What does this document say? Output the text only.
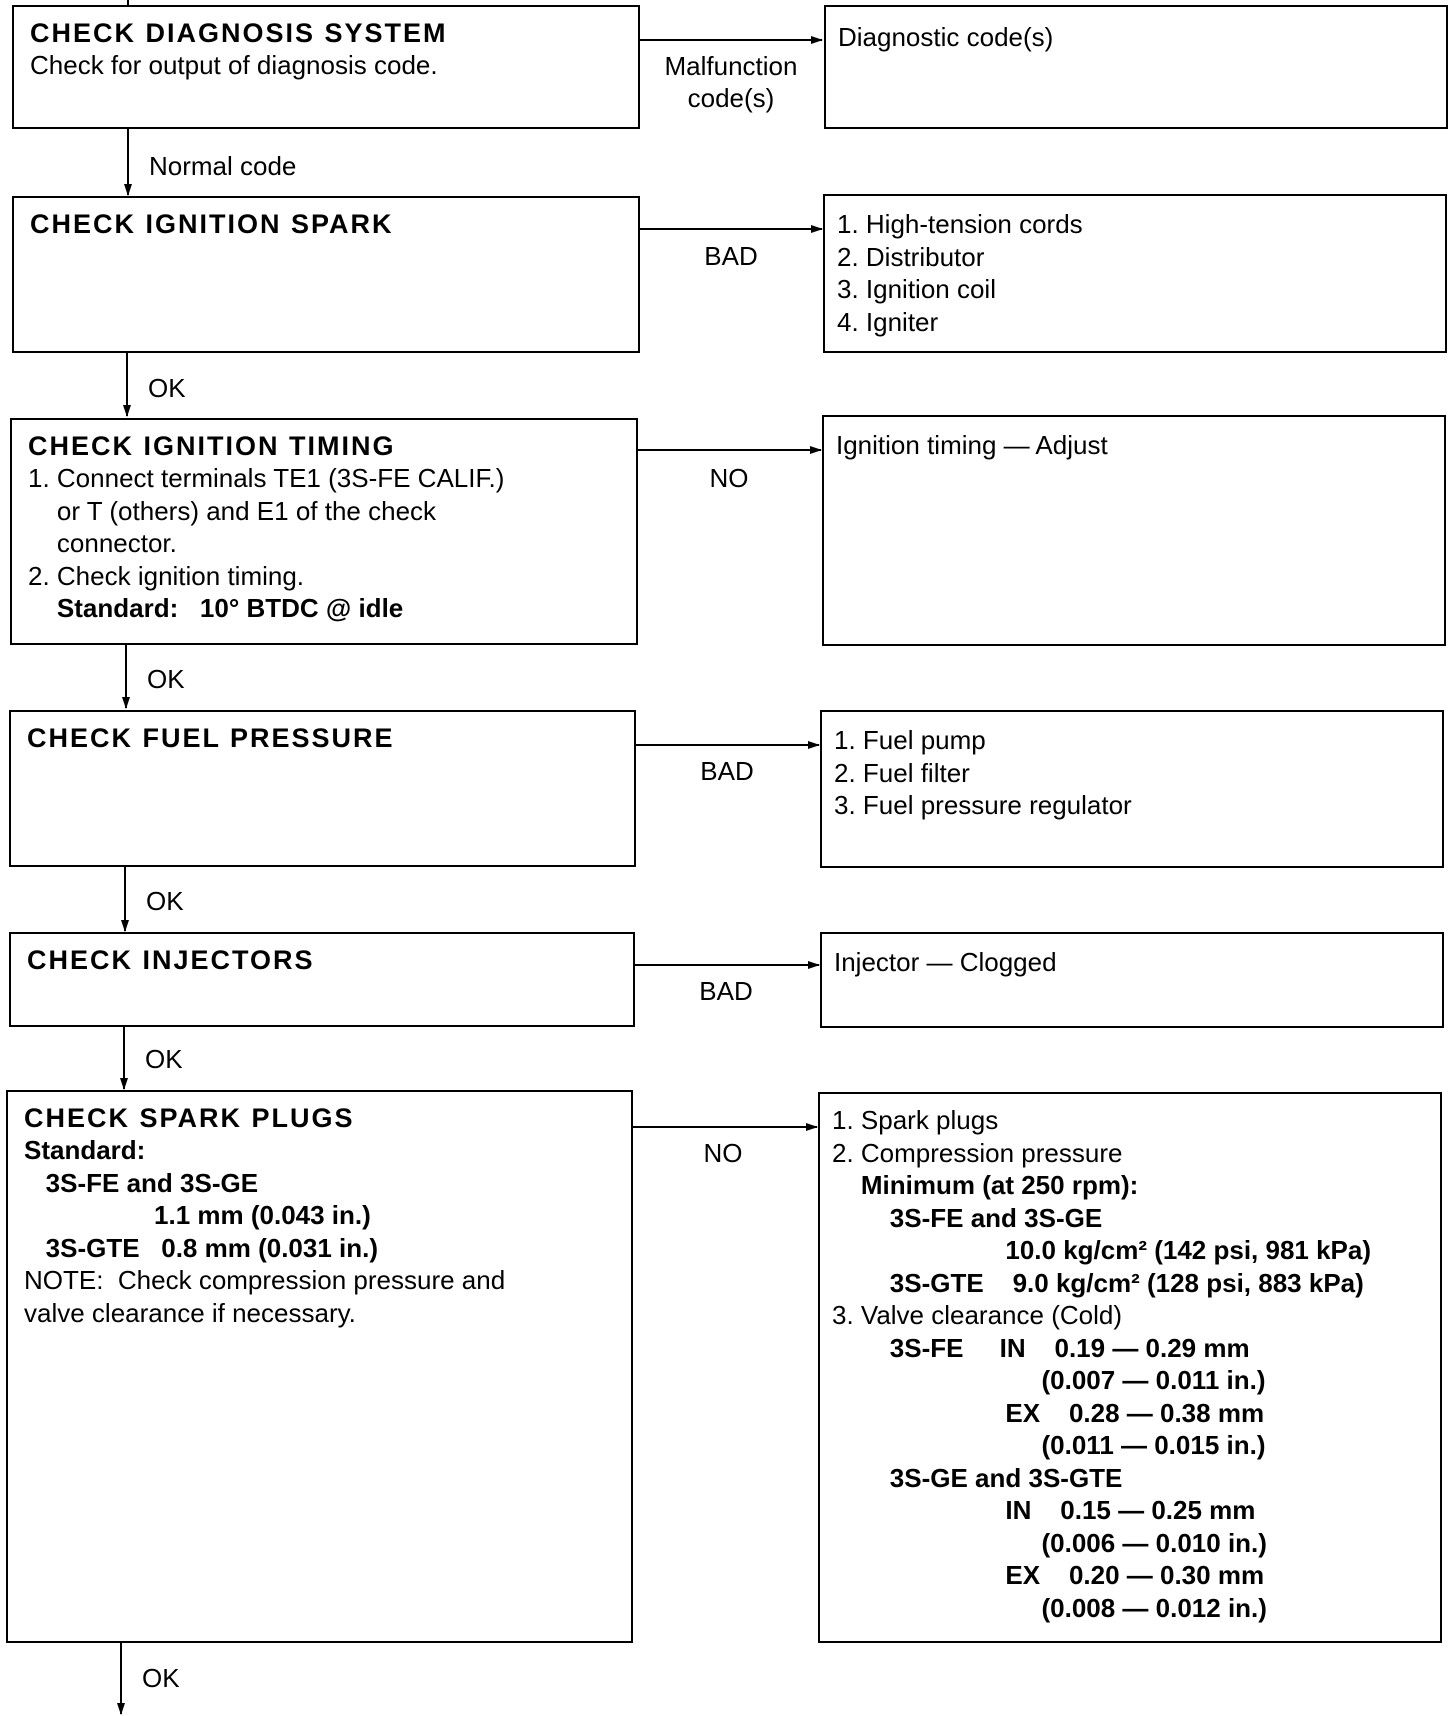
CHECK DIAGNOSIS SYSTEM
Check for output of diagnosis code.	Malfunction
code(s)
Diagnostic code(s)
Normal code
CHECK IGNITION SPARK
BAD
1. High-tension cords
2. Distributor
3. Ignition coil
4. Igniter
OK
CHECK IGNITION TIMING
1. Connect terminals TE1 (3S-FE CALIF.)
or T (others) and E1 of the check
connector.
2. Check ignition timing.
Standard:   10° BTDC @ idle
NO
Ignition timing — Adjust
OK
CHECK FUEL PRESSURE
BAD
1. Fuel pump
2. Fuel filter
3. Fuel pressure regulator
OK
CHECK INJECTORS
BAD
Injector — Clogged
OK
CHECK SPARK PLUGS
Standard:
3S-FE and 3S-GE
1.1 mm (0.043 in.)
3S-GTE   0.8 mm (0.031 in.)
NOTE:  Check compression pressure and
valve clearance if necessary.
NO
1. Spark plugs
2. Compression pressure
Minimum (at 250 rpm):
3S-FE and 3S-GE
10.0 kg/cm² (142 psi, 981 kPa)
3S-GTE    9.0 kg/cm² (128 psi, 883 kPa)
3. Valve clearance (Cold)
3S-FE     IN    0.19 — 0.29 mm
(0.007 — 0.011 in.)
EX    0.28 — 0.38 mm
(0.011 — 0.015 in.)
3S-GE and 3S-GTE
IN    0.15 — 0.25 mm
(0.006 — 0.010 in.)
EX    0.20 — 0.30 mm
(0.008 — 0.012 in.)
OK
